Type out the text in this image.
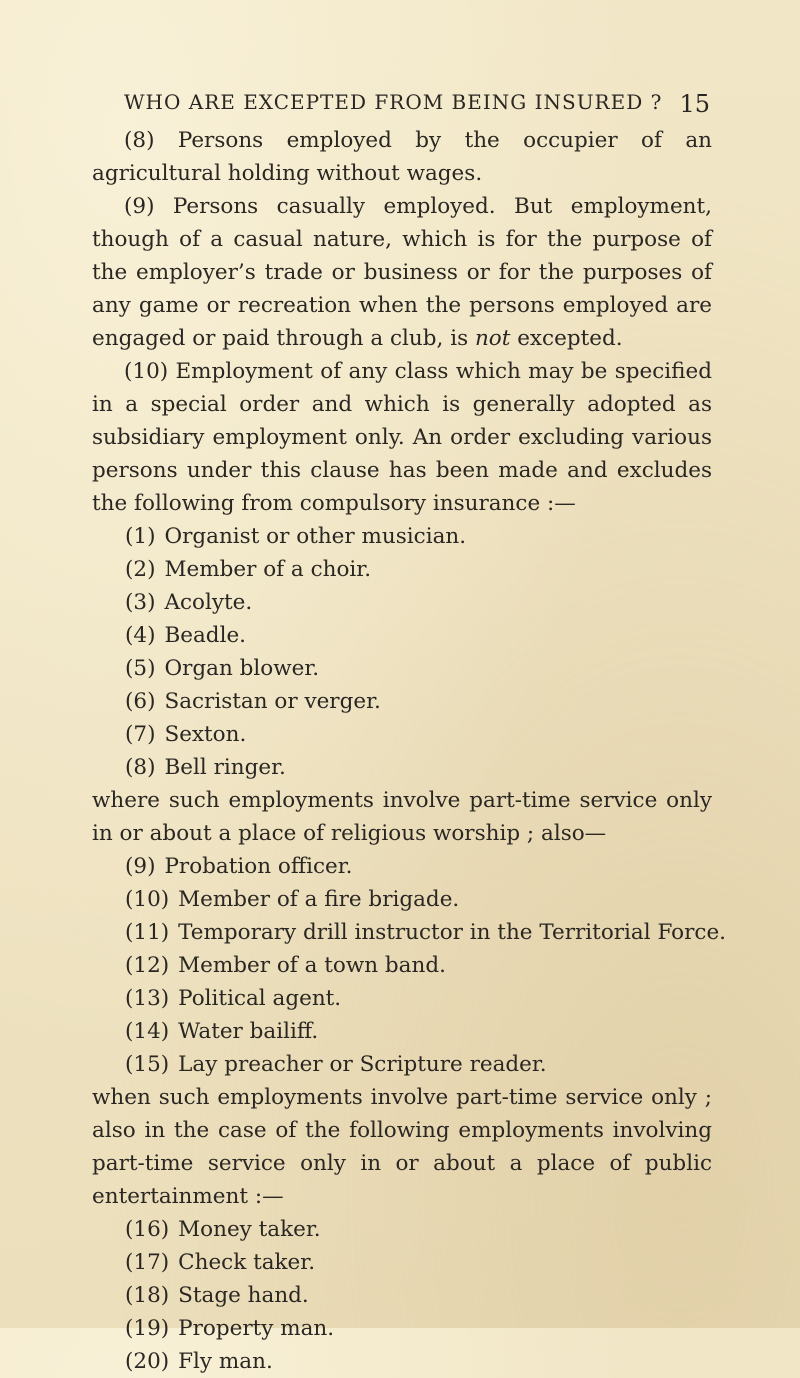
WHO ARE EXCEPTED FROM BEING INSURED ? 15

(8) Persons employed by the occupier of an agricultural holding without wages.

(9) Persons casually employed. But employment, though of a casual nature, which is for the purpose of the employer’s trade or business or for the purposes of any game or recreation when the persons employed are engaged or paid through a club, is not excepted.

(10) Employment of any class which may be specified in a special order and which is generally adopted as subsidiary employment only. An order excluding various persons under this clause has been made and excludes the following from compulsory insurance :—

(1) Organist or other musician.
(2) Member of a choir.
(3) Acolyte.
(4) Beadle.
(5) Organ blower.
(6) Sacristan or verger.
(7) Sexton.
(8) Bell ringer.

where such employments involve part-time service only in or about a place of religious worship ; also—

(9) Probation officer.
(10) Member of a fire brigade.
(11) Temporary drill instructor in the Territorial Force.
(12) Member of a town band.
(13) Political agent.
(14) Water bailiff.
(15) Lay preacher or Scripture reader.

when such employments involve part-time service only ; also in the case of the following employments involving part-time service only in or about a place of public entertainment :—

(16) Money taker.
(17) Check taker.
(18) Stage hand.
(19) Property man.
(20) Fly man.
